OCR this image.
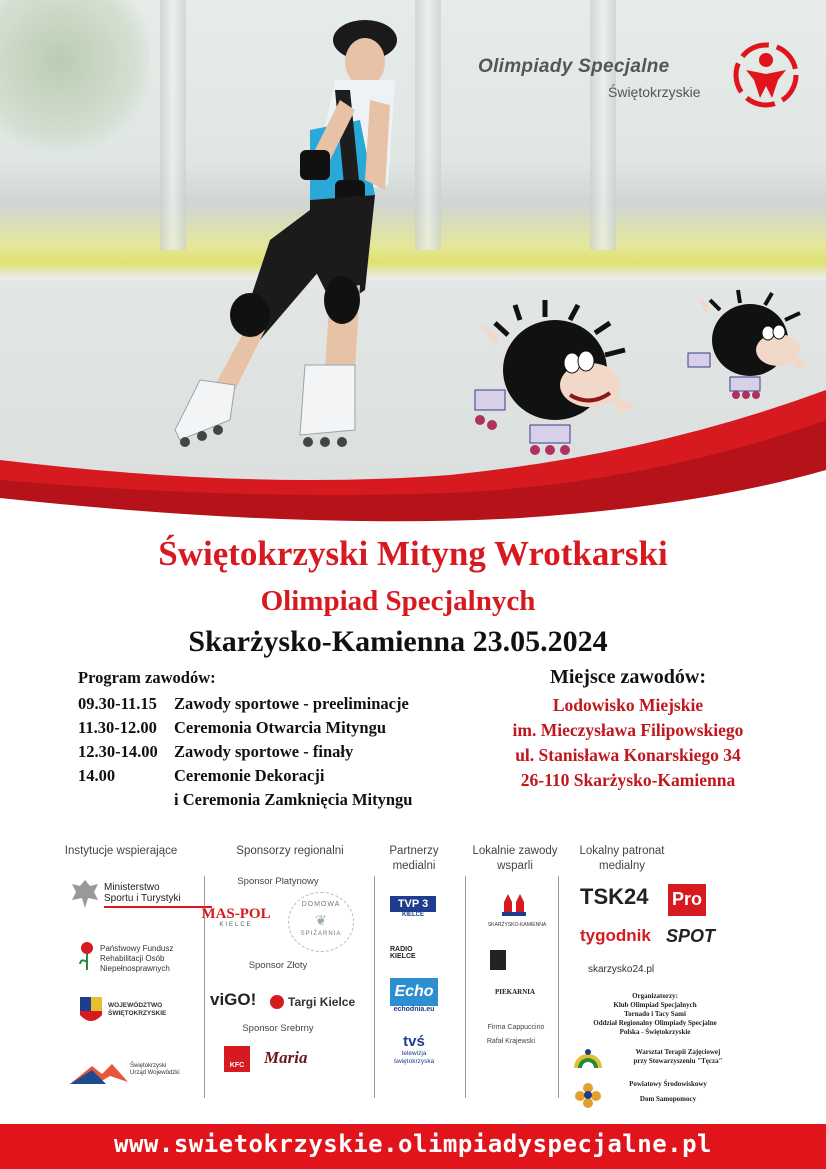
Olimpiady Specjalne
Świętokrzyskie
Świętokrzyski Mityng Wrotkarski
Olimpiad Specjalnych
Skarżysko-Kamienna 23.05.2024
Program zawodów:
09.30-11.15	Zawody sportowe - preeliminacje
11.30-12.00	Ceremonia Otwarcia Mityngu
12.30-14.00 Zawody sportowe - finały
14.00	Ceremonie Dekoracji
i Ceremonia Zamknięcia Mityngu
Miejsce zawodów:
Lodowisko Miejskie
im. Mieczysława Filipowskiego
ul. Stanisława Konarskiego 34
26-110 Skarżysko-Kamienna
Instytucje wspierające	Sponsorzy regionalni	Partnerzy medialni
Lokalnie zawody wsparli
Lokalny patronat medialny
Ministerstwo
Sportu i Turystyki
Państwowy Fundusz Rehabilitacji Osób Niepełnosprawnych
WOJEWÓDZTWO ŚWIĘTOKRZYSKIE
Świętokrzyski Urząd Wojewódzki
Sponsor Platynowy
MAS-POL
KIELCE
DOMOWA
❦
SPIŻARNIA
Sponsor Złoty
viGO!	Targi Kielce
Sponsor Srebrny
KFC	Maria
TVP 3
KIELCE
RADIO KIELCE
Echo
echodnia.eu
tvś
telewizja świętokrzyska
SKARŻYSKO-KAMIENNA
PIEKARNIA
Firma Cappuccino
Rafał Krajewski
TSK24 Pro
tygodnik SPOT
skarzysko24.pl
Organizatorzy:
Klub Olimpiad Specjalnych
Tornado i Tacy Sami
Oddział Regionalny Olimpiady Specjalne
Polska - Świętokrzyskie
Warsztat Terapii Zajęciowej
przy Stowarzyszeniu "Tęcza"
Powiatowy Środowiskowy
Dom Samopomocy
www.swietokrzyskie.olimpiadyspecjalne.pl
